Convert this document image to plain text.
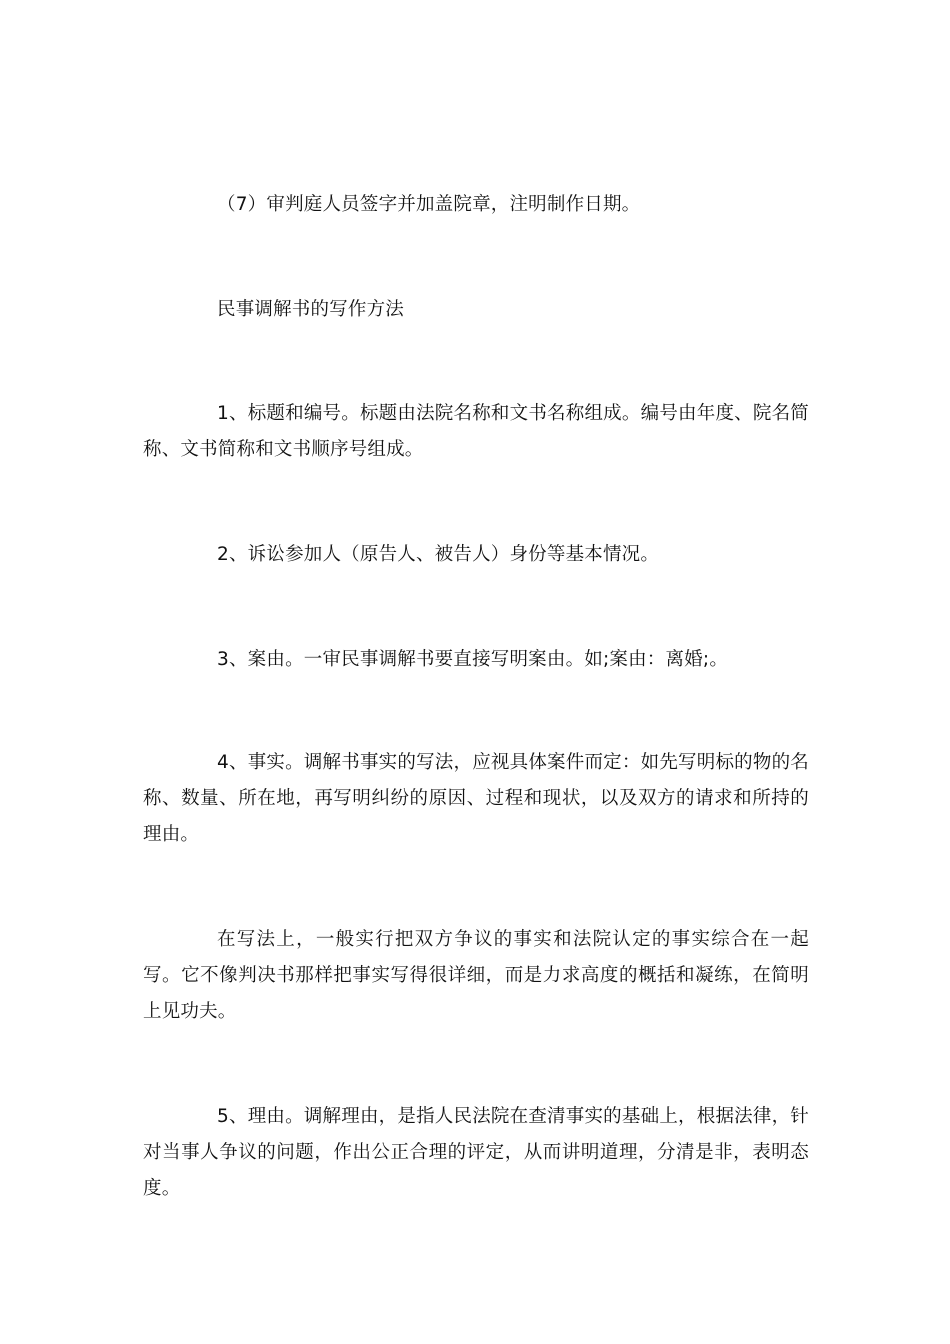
（7）审判庭人员签字并加盖院章，注明制作日期。

民事调解书的写作方法

1、标题和编号。标题由法院名称和文书名称组成。编号由年度、院名简称、文书简称和文书顺序号组成。

2、诉讼参加人（原告人、被告人）身份等基本情况。

3、案由。一审民事调解书要直接写明案由。如;案由：离婚;。

4、事实。调解书事实的写法，应视具体案件而定：如先写明标的物的名称、数量、所在地，再写明纠纷的原因、过程和现状，以及双方的请求和所持的理由。

在写法上，一般实行把双方争议的事实和法院认定的事实综合在一起写。它不像判决书那样把事实写得很详细，而是力求高度的概括和凝练，在简明上见功夫。

5、理由。调解理由，是指人民法院在查清事实的基础上，根据法律，针对当事人争议的问题，作出公正合理的评定，从而讲明道理，分清是非，表明态度。
